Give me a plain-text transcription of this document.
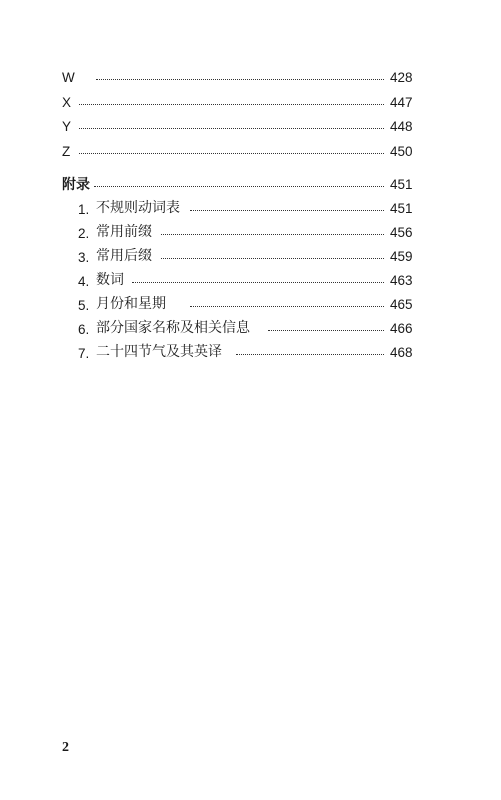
W	428
X	447
Y	448
Z	450
附录	451
1. 不规则动词表	451
2. 常用前缀	456
3. 常用后缀	459
4. 数词	463
5. 月份和星期	465
6. 部分国家名称及相关信息	466
7. 二十四节气及其英译	468
2
